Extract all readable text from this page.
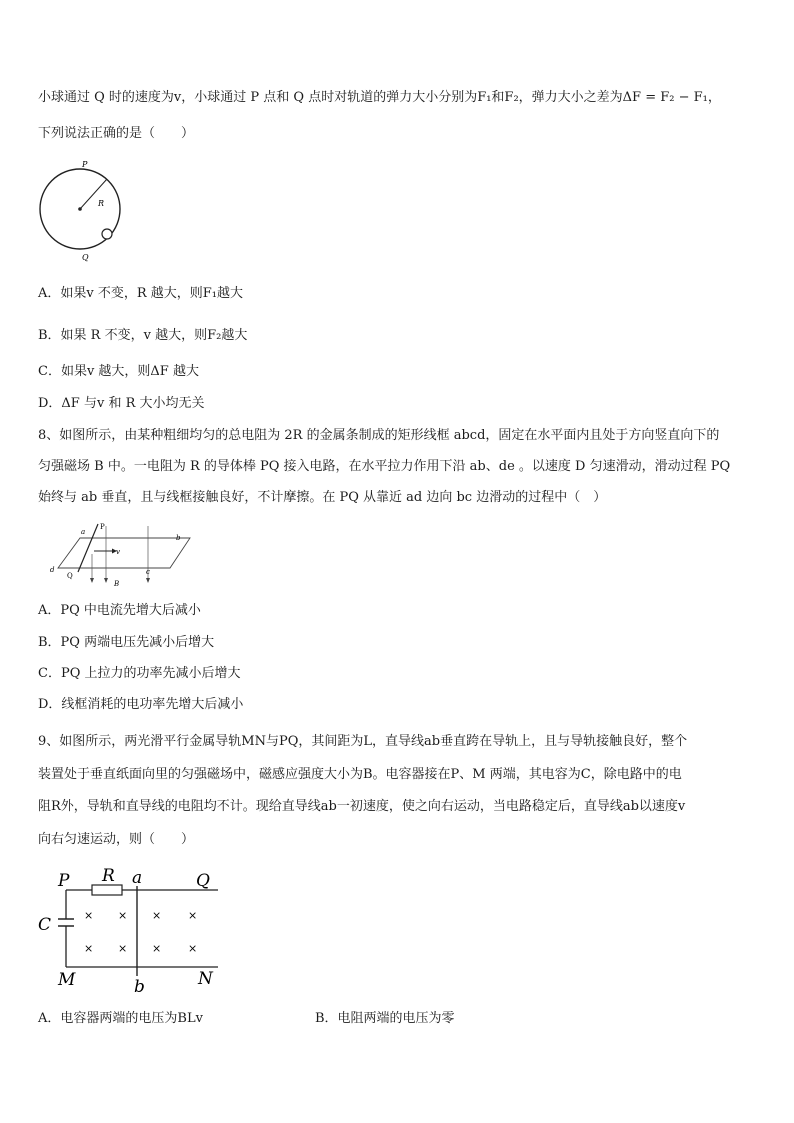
小球通过 Q 时的速度为v，小球通过 P 点和 Q 点时对轨道的弹力大小分别为F₁和F₂，弹力大小之差为ΔF = F₂ − F₁，
下列说法正确的是（　　）
P
R
Q
A．如果v 不变，R 越大，则F₁越大
B．如果 R 不变，v 越大，则F₂越大
C．如果v 越大，则ΔF 越大
D．ΔF 与v 和 R 大小均无关
8、如图所示，由某种粗细均匀的总电阻为 2R 的金属条制成的矩形线框 abcd，固定在水平面内且处于方向竖直向下的
匀强磁场 B 中。一电阻为 R 的导体棒 PQ 接入电路，在水平拉力作用下沿 ab、de 。以速度 D 匀速滑动，滑动过程 PQ
始终与 ab 垂直，且与线框接触良好，不计摩擦。在 PQ 从靠近 ad 边向 bc 边滑动的过程中（　）
a
P
b
v
d
Q	c
B
A．PQ 中电流先增大后减小
B．PQ 两端电压先减小后增大
C．PQ 上拉力的功率先减小后增大
D．线框消耗的电功率先增大后减小
9、如图所示，两光滑平行金属导轨MN与PQ，其间距为L，直导线ab垂直跨在导轨上，且与导轨接触良好，整个
装置处于垂直纸面向里的匀强磁场中，磁感应强度大小为B。电容器接在P、M 两端，其电容为C，除电路中的电
阻R外，导轨和直导线的电阻均不计。现给直导线ab一初速度，使之向右运动，当电路稳定后，直导线ab以速度v
向右匀速运动，则（　　）
× × × ×
× × × ×
P R a	Q
C
M	b	N
A．电容器两端的电压为BLv	B．电阻两端的电压为零
